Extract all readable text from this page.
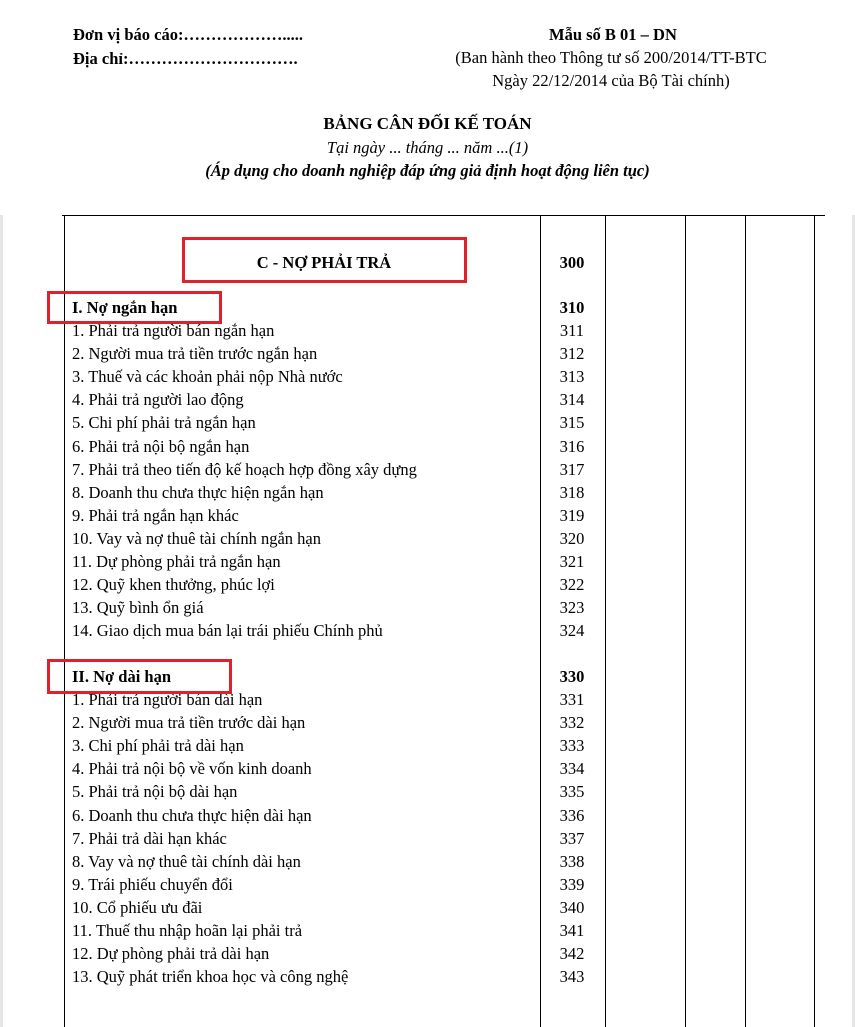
Đơn vị báo cáo:……………….....
Địa chỉ:………………………….
Mẫu số B 01 – DN
(Ban hành theo Thông tư số 200/2014/TT-BTC
Ngày 22/12/2014 của Bộ Tài chính)
BẢNG CÂN ĐỐI KẾ TOÁN
Tại ngày ... tháng ... năm ...(1)
(Áp dụng cho doanh nghiệp đáp ứng giả định hoạt động liên tục)
C - NỢ PHẢI TRẢ	300
I. Nợ ngắn hạn	310
1. Phải trả người bán ngắn hạn	311
2. Người mua trả tiền trước ngắn hạn	312
3. Thuế và các khoản phải nộp Nhà nước	313
4. Phải trả người lao động	314
5. Chi phí phải trả ngắn hạn	315
6. Phải trả nội bộ ngắn hạn	316
7. Phải trả theo tiến độ kế hoạch hợp đồng xây dựng	317
8. Doanh thu chưa thực hiện ngắn hạn	318
9. Phải trả ngắn hạn khác	319
10. Vay và nợ thuê tài chính ngắn hạn	320
11. Dự phòng phải trả ngắn hạn	321
12. Quỹ khen thưởng, phúc lợi	322
13. Quỹ bình ổn giá	323
14. Giao dịch mua bán lại trái phiếu Chính phủ	324
II. Nợ dài hạn	330
1. Phải trả người bán dài hạn	331
2. Người mua trả tiền trước dài hạn	332
3. Chi phí phải trả dài hạn	333
4. Phải trả nội bộ về vốn kinh doanh	334
5. Phải trả nội bộ dài hạn	335
6. Doanh thu chưa thực hiện dài hạn	336
7. Phải trả dài hạn khác	337
8. Vay và nợ thuê tài chính dài hạn	338
9. Trái phiếu chuyển đổi	339
10. Cổ phiếu ưu đãi	340
11. Thuế thu nhập hoãn lại phải trả	341
12. Dự phòng phải trả dài hạn	342
13. Quỹ phát triển khoa học và công nghệ	343
